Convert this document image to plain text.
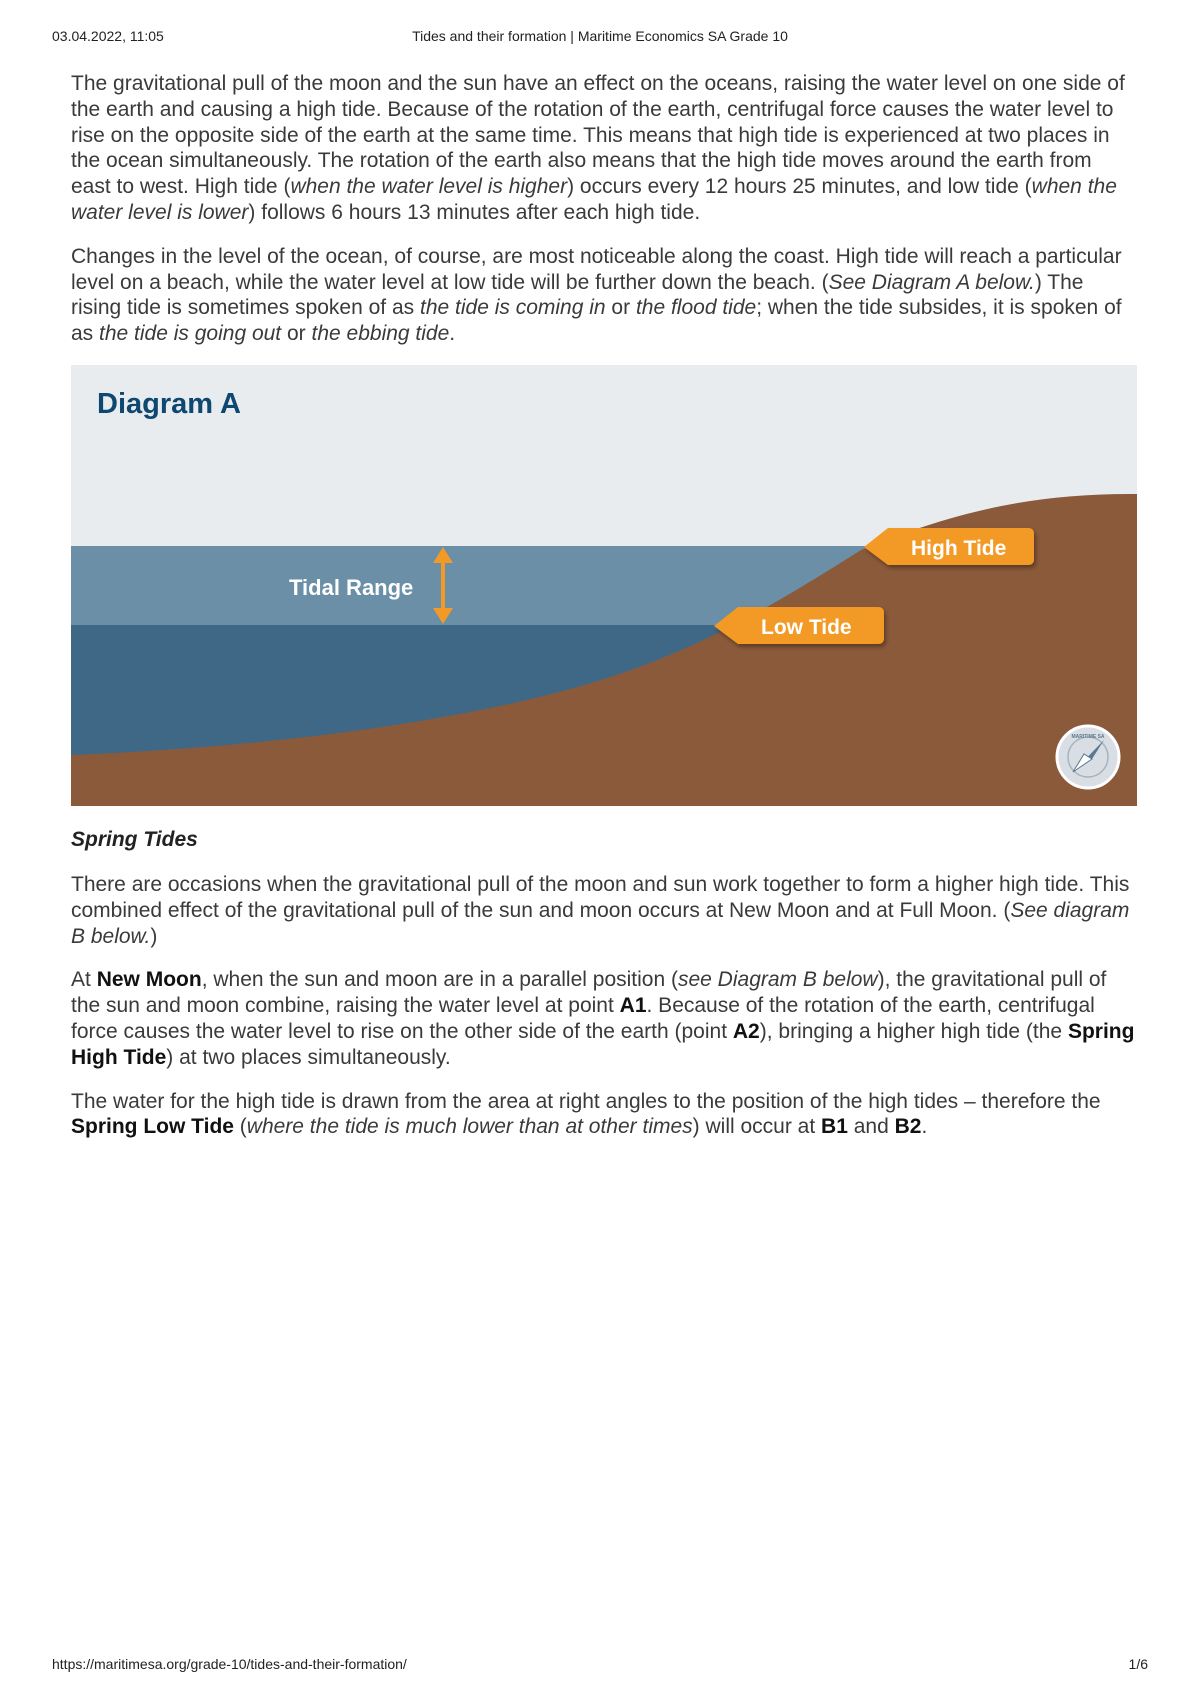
03.04.2022, 11:05	Tides and their formation | Maritime Economics SA Grade 10

The gravitational pull of the moon and the sun have an effect on the oceans, raising the water level on one side of the earth and causing a high tide. Because of the rotation of the earth, centrifugal force causes the water level to rise on the opposite side of the earth at the same time. This means that high tide is experienced at two places in the ocean simultaneously. The rotation of the earth also means that the high tide moves around the earth from east to west. High tide (when the water level is higher) occurs every 12 hours 25 minutes, and low tide (when the water level is lower) follows 6 hours 13 minutes after each high tide.

Changes in the level of the ocean, of course, are most noticeable along the coast. High tide will reach a particular level on a beach, while the water level at low tide will be further down the beach. (See Diagram A below.) The rising tide is sometimes spoken of as the tide is coming in or the flood tide; when the tide subsides, it is spoken of as the tide is going out or the ebbing tide.

Diagram A
Tidal Range
High Tide
Low Tide
MARITIME SA
Spring Tides

There are occasions when the gravitational pull of the moon and sun work together to form a higher high tide. This combined effect of the gravitational pull of the sun and moon occurs at New Moon and at Full Moon. (See diagram B below.)

At New Moon, when the sun and moon are in a parallel position (see Diagram B below), the gravitational pull of the sun and moon combine, raising the water level at point A1. Because of the rotation of the earth, centrifugal force causes the water level to rise on the other side of the earth (point A2), bringing a higher high tide (the Spring High Tide) at two places simultaneously.

The water for the high tide is drawn from the area at right angles to the position of the high tides – therefore the Spring Low Tide (where the tide is much lower than at other times) will occur at B1 and B2.

https://maritimesa.org/grade-10/tides-and-their-formation/	1/6
